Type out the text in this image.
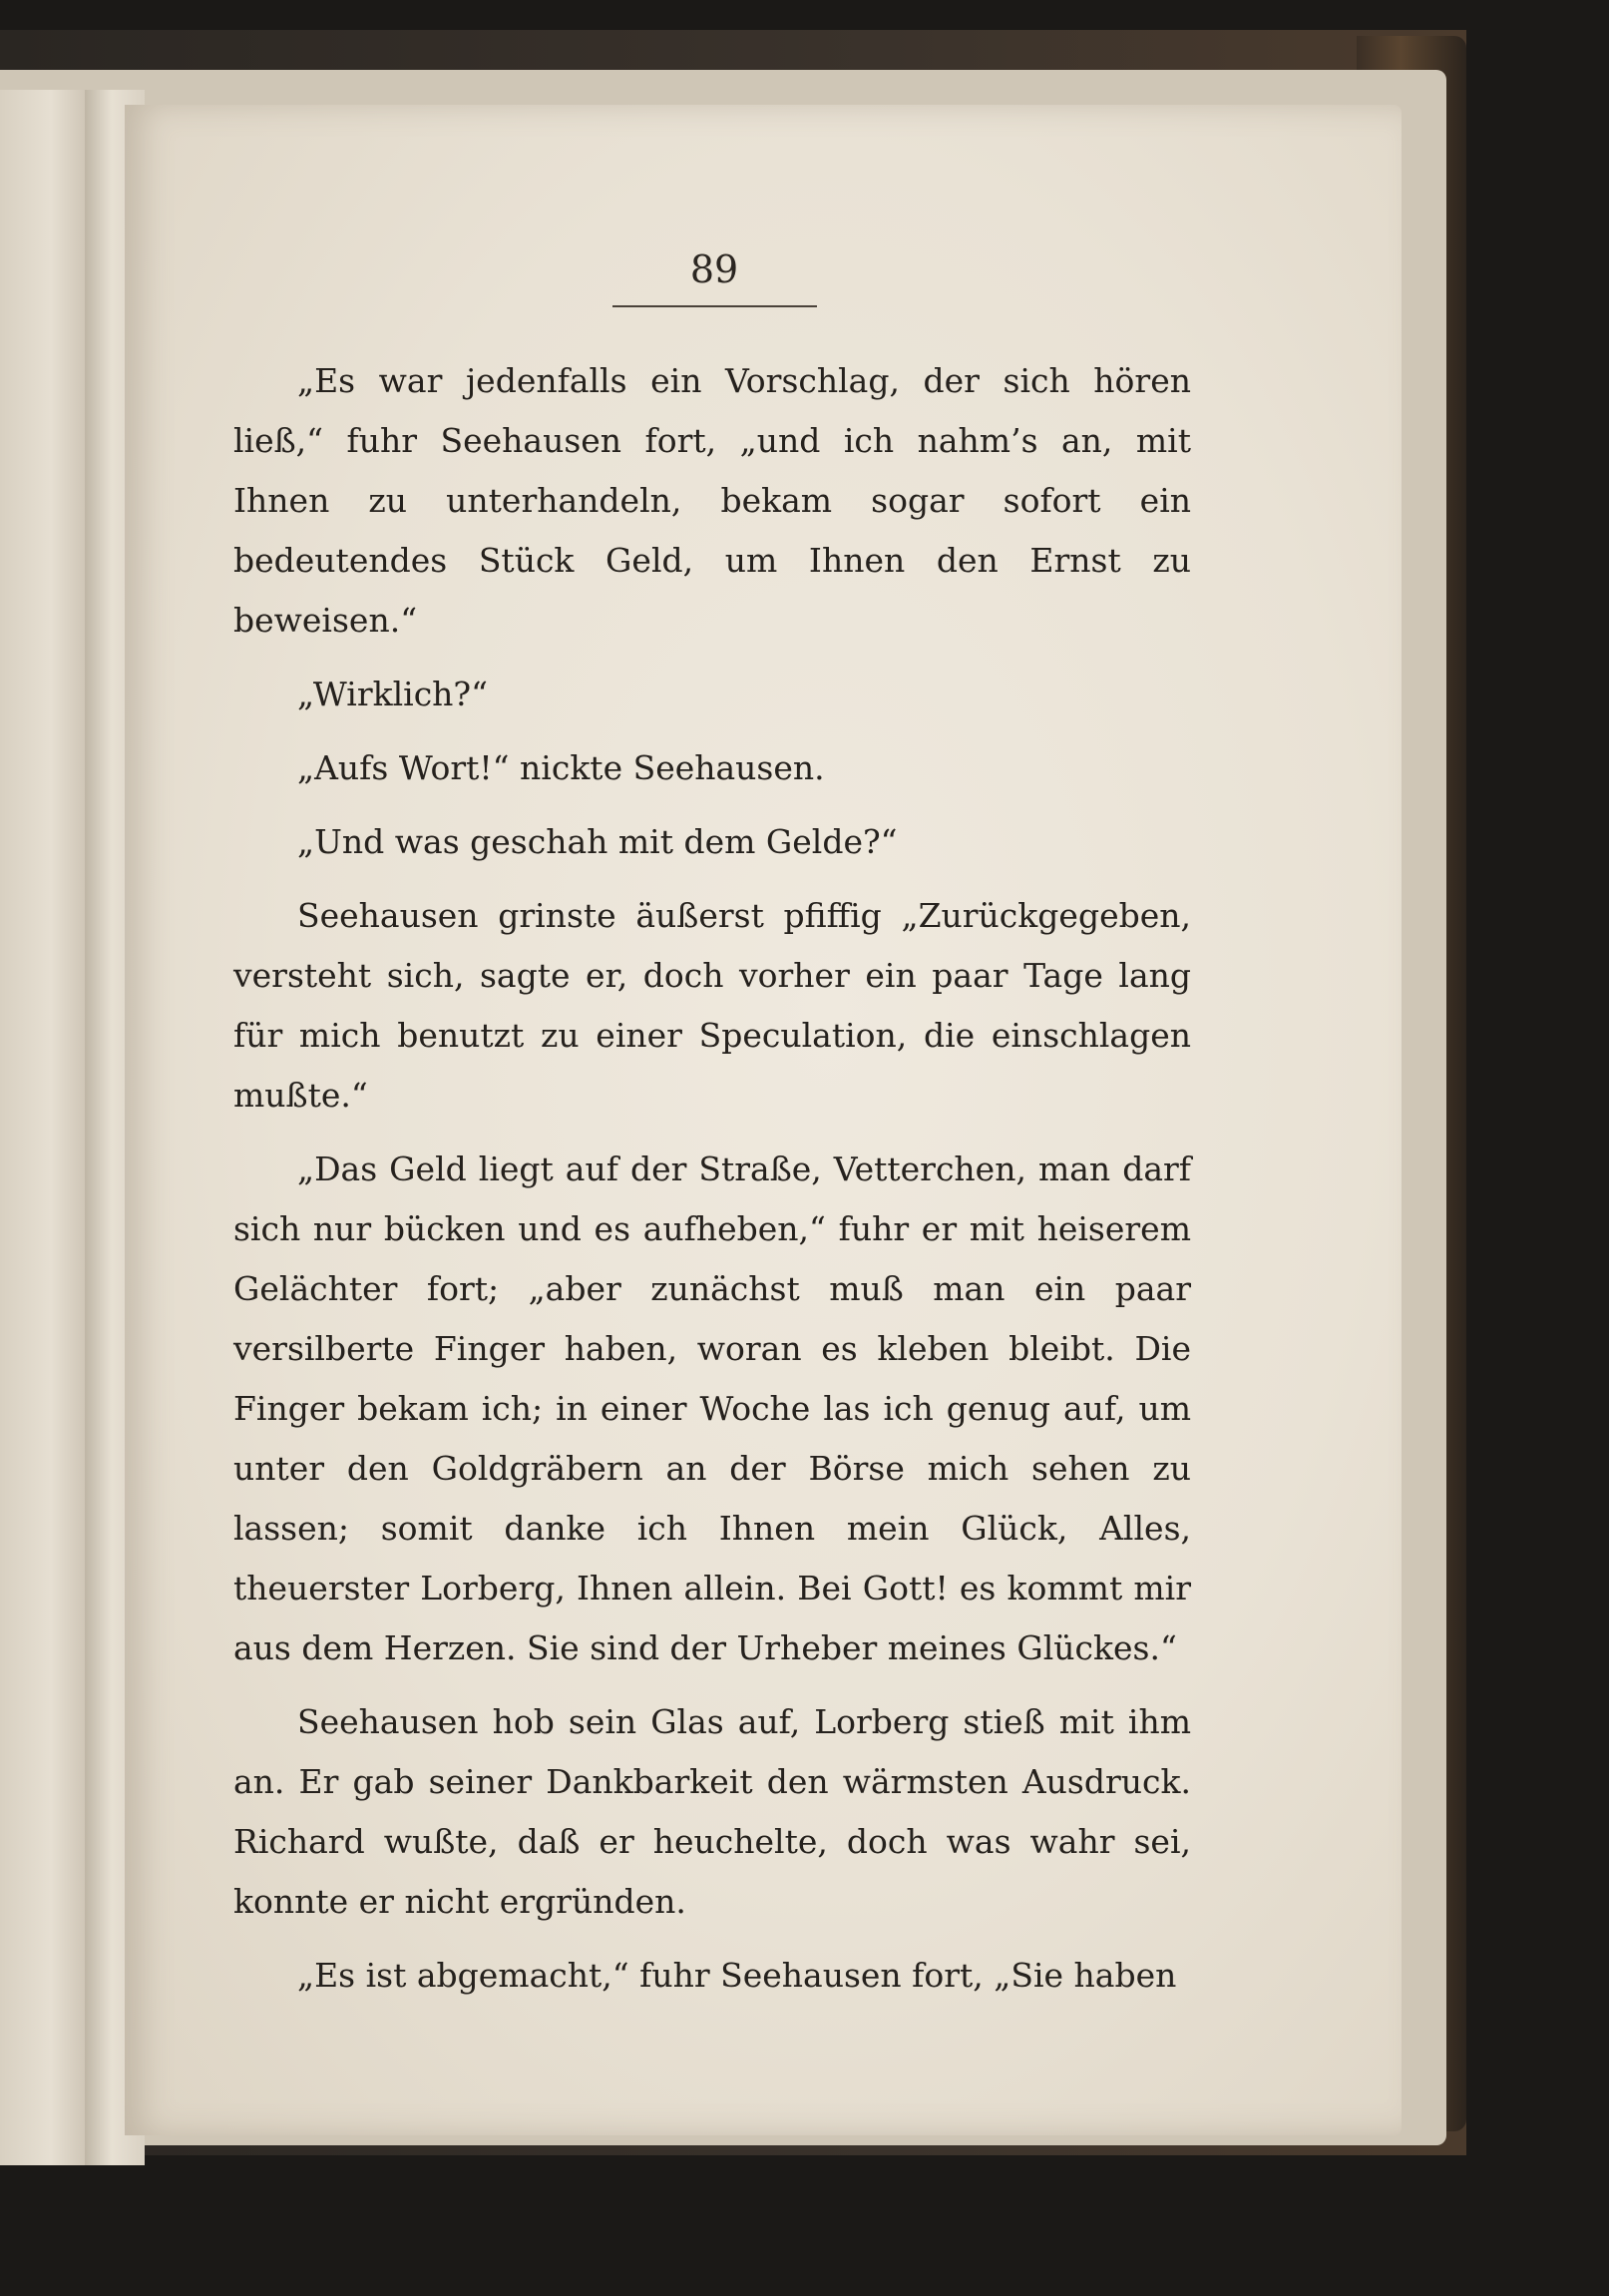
89

„Es war jedenfalls ein Vorschlag, der sich hören ließ,“ fuhr Seehausen fort, „und ich nahm’s an, mit Ihnen zu unterhandeln, bekam sogar sofort ein bedeutendes Stück Geld, um Ihnen den Ernst zu beweisen.“

„Wirklich?“

„Aufs Wort!“ nickte Seehausen.

„Und was geschah mit dem Gelde?“

Seehausen grinste äußerst pfiffig „Zurückgegeben, versteht sich, sagte er, doch vorher ein paar Tage lang für mich benutzt zu einer Speculation, die einschlagen mußte.“

„Das Geld liegt auf der Straße, Vetterchen, man darf sich nur bücken und es aufheben,“ fuhr er mit heiserem Gelächter fort; „aber zunächst muß man ein paar versilberte Finger haben, woran es kleben bleibt. Die Finger bekam ich; in einer Woche las ich genug auf, um unter den Goldgräbern an der Börse mich sehen zu lassen; somit danke ich Ihnen mein Glück, Alles, theuerster Lorberg, Ihnen allein. Bei Gott! es kommt mir aus dem Herzen. Sie sind der Urheber meines Glückes.“

Seehausen hob sein Glas auf, Lorberg stieß mit ihm an. Er gab seiner Dankbarkeit den wärmsten Ausdruck. Richard wußte, daß er heuchelte, doch was wahr sei, konnte er nicht ergründen.

„Es ist abgemacht,“ fuhr Seehausen fort, „Sie haben
